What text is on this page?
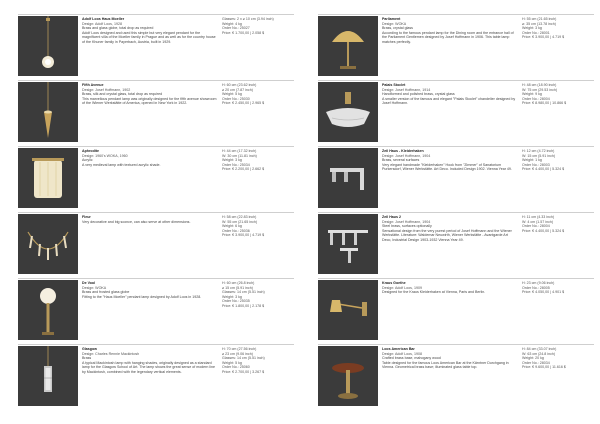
Adolf Loos Haus Moeller
Design: Adolf Loos, 1928
Brass and glass globe, total drop as required
Adolf Loos designed and used this simple but very elegant pendant for the magnificent villa of the Moeller family in Prague and as well as for the country house of the Khuner family in Payerbach, Austria, built in 1929.
Glasses: 2 x ⌀ 10 cm (3.94 inch)
Weight: 4 kg
Order No.: 25027
Price: € 1.700,00 | 2.058 $
Fifth Avenue
Design: Josef Hoffmann, 1902
Brass, silk and crystal glass, total drop as required
This marvellous pendant lamp was originally designed for the fifth avenue showroom of the Wiener Werkstätte of America, opened in New York in 1922.
H: 60 cm (23.62 inch)
⌀ 20 cm (7.87 inch)
Weight: 5 kg
Order No.: 25030
Price: € 2.450,00 | 2.965 $
Aphrodite
Design: 1960's WOKA, 1960
Acrylic
A very medieval lamp with textured acrylic shade.
H: 44 cm (17.32 inch)
W: 30 cm (11.81 inch)
Weight: 3 kg
Order No.: 25034
Price: € 2.200,00 | 2.662 $
Fleur
Very decorative and big sconce, can also serve at other dimensions.
H: 58 cm (22.83 inch)
W: 55 cm (21.65 inch)
Weight: 6 kg
Order No.: 25036
Price: € 3.900,00 | 4.719 $
De Vool
Design: WOKA
Brass and frosted glass globe
Fitting to the "Haus Moeller" pendant lamp designed by Adolf Loos in 1928.
H: 60 cm (26.8 inch)
⌀ 15 cm (5.91 inch)
Glasses: 14 cm (5.51 inch)
Weight: 3 kg
Order No.: 25035
Price: € 1.800,00 | 2.178 $
Glasgow
Design: Charles Rennie Mackintosh
Brass
A typical Mackintosh lamp with hanging shades, originally designed as a standard lamp for the Glasgow School of Art. The lamp shows the great sense of modern line by Mackintosh, combined with the legendary vertical elements.
H: 70 cm (27.56 inch)
⌀ 23 cm (9.06 inch)
Glasses: 14 cm (5.51 inch)
Weight: 5 kg
Order No.: 25060
Price: € 2.700,00 | 3.267 $
Parliament
Design: WOKA
Brass, crystal glass
According to the famous pendant lamp for the Dining room and the entrance hall of the Parliament Gentlemen designed by Josef Hoffmann in 1906. This table lamp matches perfectly.
H: 55 cm (21.65 inch)
⌀: 35 cm (13.78 inch)
Weight: 3 kg
Order No.: 28001
Price: € 3.900,00 | 4.719 $
Palais Stoclet
Design: Josef Hoffmann, 1914
Handformed and polished brass, crystal glass
A smaller version of the famous and elegant "Palais Stoclet" chandelier designed by Josef Hoffmann.
H: 48 cm (18.90 inch)
W: 75 cm (29.53 inch)
Weight: 9 kg
Order No.: 28004
Price: € 8.980,00 | 10.866 $
Zeil Haus - Kleiderhaken
Design: Josef Hoffmann, 1904
Brass, several surfaces
Very elegant handmade "Kleiderhaken" Hook from "Zimmer" of Sanatorium Purkersdorf, Wiener Werkstätte. Art Deco. Included Design 1902. Vienna Year 49.
H: 12 cm (4.72 inch)
W: 15 cm (5.91 inch)
Weight: 1 kg
Order No.: 28003
Price: € 4.400,00 | 5.324 $
Zeil Haus 2
Design: Josef Hoffmann, 1904
Steel brass, surfaces optionally
Sensational design from the very purest period of Josef Hoffmann and the Wiener Werkstätte. Literature: Waldemar Neuwirth, Wiener Werkstätte - Avantgarde Art Deco, Industrial Design 1903-1932 Vienna Year 49.
H: 11 cm (4.33 inch)
W: 4 cm (1.57 inch)
Order No.: 28004
Price: € 4.400,00 | 5.324 $
Kraus Goethe
Design: Adolf Loos, 1909
Designed for the Kraus Kleiderhaken at Vienna, Paris and Berlin.
H: 23 cm (9.06 inch)
Order No.: 28005
Price: € 4.050,00 | 4.901 $
Loos American Bar
Design: Adolf Loos, 1908
Crafted brass base, mahogany wood
Table designed for the famous Loos American Bar at the Kärntner Durchgang in Vienna. Geometrical brass base; illuminated glass table top.
H: 84 cm (33.07 inch)
W: 63 cm (24.8 inch)
Weight: 20 kg
Order No.: 28034
Price: € 9.600,00 | 11.616 $
